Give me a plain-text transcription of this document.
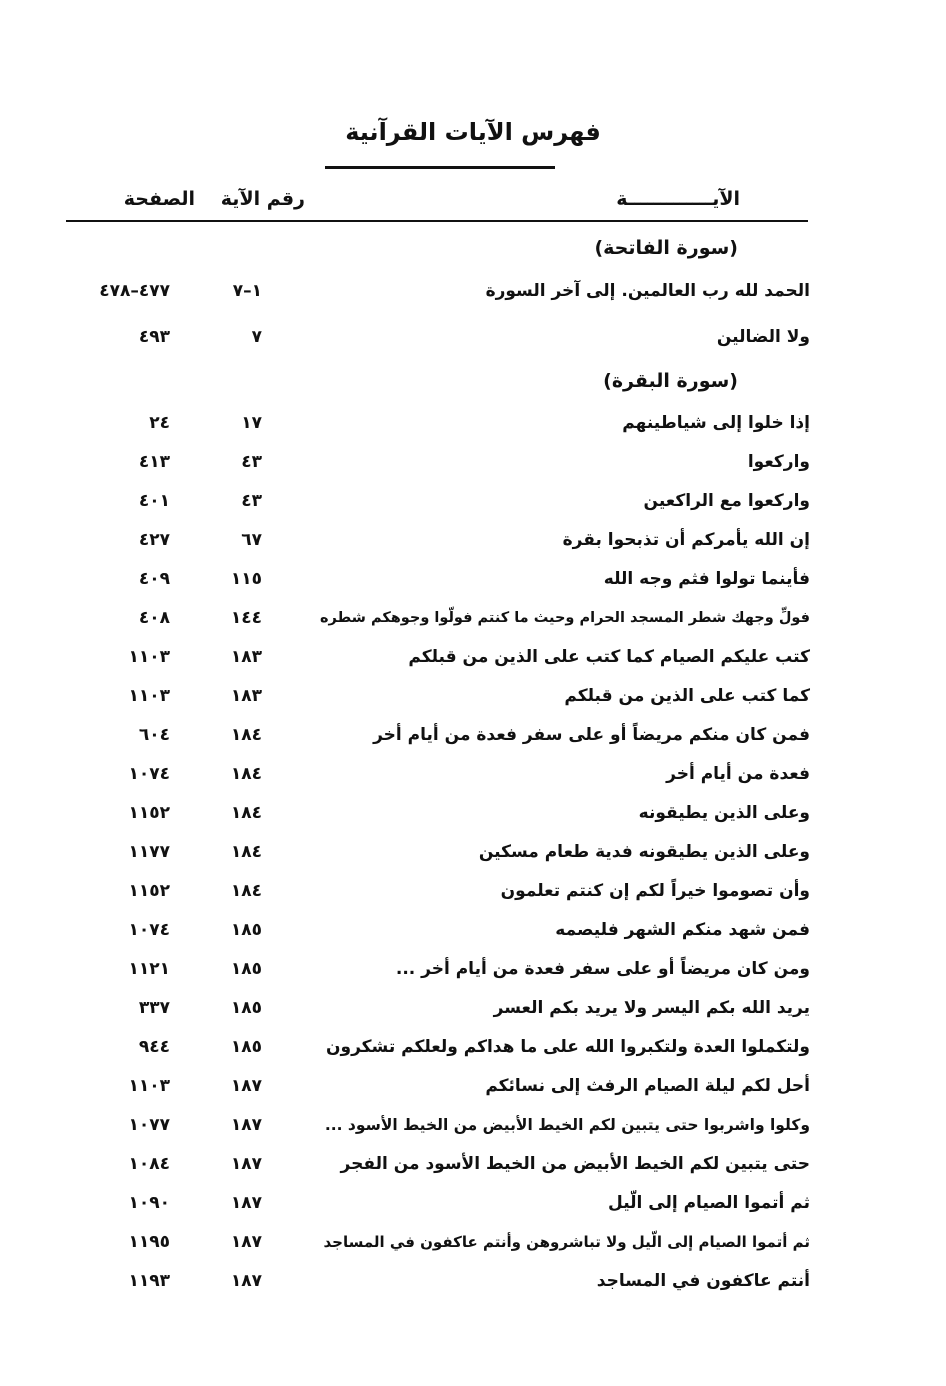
فهرس الآيات القرآنية
الآيـــــــــــــة
رقم الآية
الصفحة
(سورة الفاتحة)
الحمد لله رب العالمين. إلى آخر السورة
١–٧
٤٧٧–٤٧٨
ولا الضالين
٧
٤٩٣
(سورة البقرة)
إذا خلوا إلى شياطينهم
١٧
٢٤
واركعوا
٤٣
٤١٣
واركعوا مع الراكعين
٤٣
٤٠١
إن الله يأمركم أن تذبحوا بقرة
٦٧
٤٢٧
فأينما تولوا فثم وجه الله
١١٥
٤٠٩
فولِّ وجهك شطر المسجد الحرام وحيث ما كنتم فولّوا وجوهكم شطره
١٤٤
٤٠٨
كتب عليكم الصيام كما كتب على الذين من قبلكم
١٨٣
١١٠٣
كما كتب على الذين من قبلكم
١٨٣
١١٠٣
فمن كان منكم مريضاً أو على سفر فعدة من أيام أخر
١٨٤
٦٠٤
فعدة من أيام أخر
١٨٤
١٠٧٤
وعلى الذين يطيقونه
١٨٤
١١٥٢
وعلى الذين يطيقونه فدية طعام مسكين
١٨٤
١١٧٧
وأن تصوموا خيراً لكم إن كنتم تعلمون
١٨٤
١١٥٢
فمن شهد منكم الشهر فليصمه
١٨٥
١٠٧٤
ومن كان مريضاً أو على سفر فعدة من أيام أخر ...
١٨٥
١١٢١
يريد الله بكم اليسر ولا يريد بكم العسر
١٨٥
٣٣٧
ولتكملوا العدة ولتكبروا الله على ما هداكم ولعلكم تشكرون
١٨٥
٩٤٤
أحل لكم ليلة الصيام الرفث إلى نسائكم
١٨٧
١١٠٣
وكلوا واشربوا حتى يتبين لكم الخيط الأبيض من الخيط الأسود ...
١٨٧
١٠٧٧
حتى يتبين لكم الخيط الأبيض من الخيط الأسود من الفجر
١٨٧
١٠٨٤
ثم أتموا الصيام إلى الّيل
١٨٧
١٠٩٠
ثم أتموا الصيام إلى الّيل ولا تباشروهن وأنتم عاكفون في المساجد
١٨٧
١١٩٥
أنتم عاكفون في المساجد
١٨٧
١١٩٣
